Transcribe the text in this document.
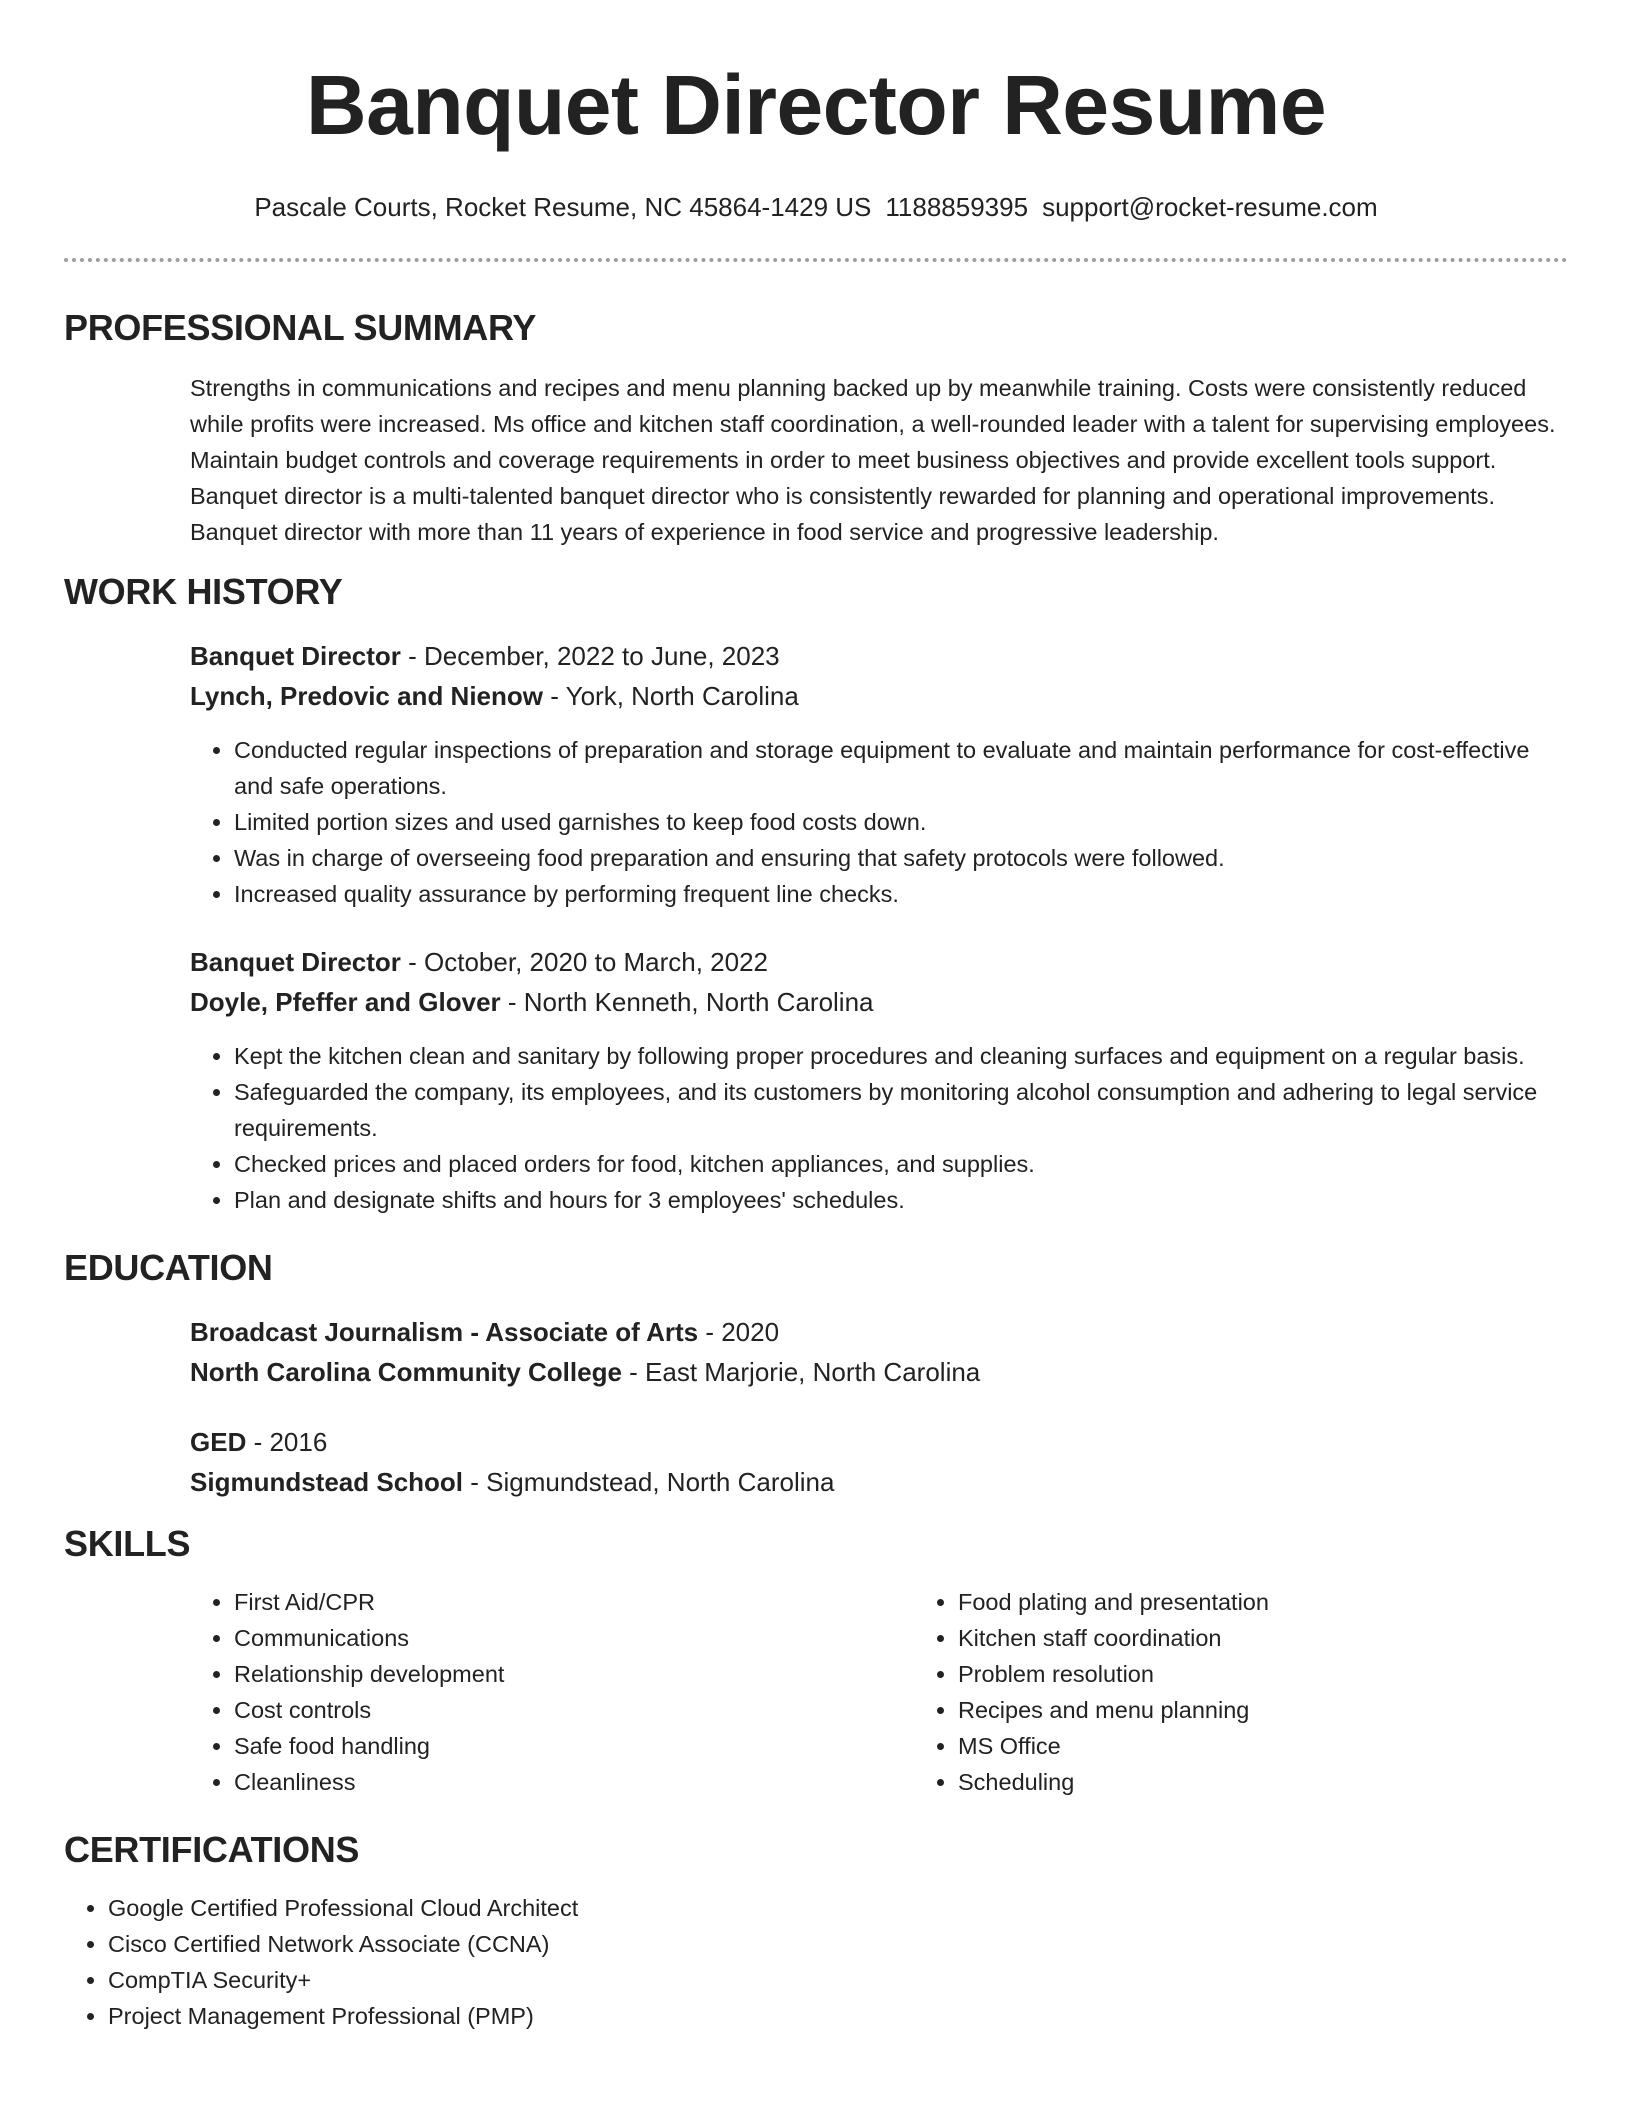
Banquet Director Resume
Pascale Courts, Rocket Resume, NC 45864-1429 US 1188859395 support@rocket-resume.com
PROFESSIONAL SUMMARY
Strengths in communications and recipes and menu planning backed up by meanwhile training. Costs were consistently reduced while profits were increased. Ms office and kitchen staff coordination, a well-rounded leader with a talent for supervising employees. Maintain budget controls and coverage requirements in order to meet business objectives and provide excellent tools support. Banquet director is a multi-talented banquet director who is consistently rewarded for planning and operational improvements. Banquet director with more than 11 years of experience in food service and progressive leadership.
WORK HISTORY
Banquet Director - December, 2022 to June, 2023
Lynch, Predovic and Nienow - York, North Carolina
• Conducted regular inspections of preparation and storage equipment to evaluate and maintain performance for cost-effective and safe operations.
• Limited portion sizes and used garnishes to keep food costs down.
• Was in charge of overseeing food preparation and ensuring that safety protocols were followed.
• Increased quality assurance by performing frequent line checks.
Banquet Director - October, 2020 to March, 2022
Doyle, Pfeffer and Glover - North Kenneth, North Carolina
• Kept the kitchen clean and sanitary by following proper procedures and cleaning surfaces and equipment on a regular basis.
• Safeguarded the company, its employees, and its customers by monitoring alcohol consumption and adhering to legal service requirements.
• Checked prices and placed orders for food, kitchen appliances, and supplies.
• Plan and designate shifts and hours for 3 employees' schedules.
EDUCATION
Broadcast Journalism - Associate of Arts - 2020
North Carolina Community College - East Marjorie, North Carolina
GED - 2016
Sigmundstead School - Sigmundstead, North Carolina
SKILLS
• First Aid/CPR
• Communications
• Relationship development
• Cost controls
• Safe food handling
• Cleanliness
• Food plating and presentation
• Kitchen staff coordination
• Problem resolution
• Recipes and menu planning
• MS Office
• Scheduling
CERTIFICATIONS
• Google Certified Professional Cloud Architect
• Cisco Certified Network Associate (CCNA)
• CompTIA Security+
• Project Management Professional (PMP)
